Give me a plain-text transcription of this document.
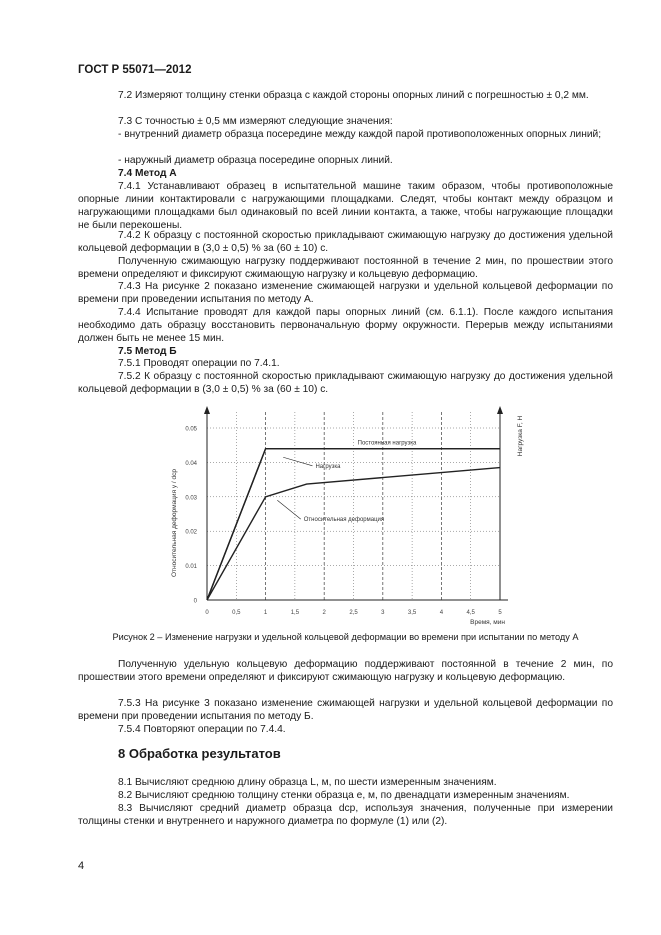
ГОСТ Р 55071—2012

7.2 Измеряют толщину стенки образца с каждой стороны опорных линий с погрешностью ± 0,2 мм.

7.3 С точностью ± 0,5 мм измеряют следующие значения:

- внутренний диаметр образца посередине между каждой парой противоположенных опорных линий;

- наружный диаметр образца посередине опорных линий.

7.4 Метод А

7.4.1 Устанавливают образец в испытательной машине таким образом, чтобы противоположные опорные линии контактировали с нагружающими площадками. Следят, чтобы контакт между образцом и нагружающими площадками был одинаковый по всей линии контакта, а также, чтобы нагружающие площадки не были перекошены.

7.4.2 К образцу с постоянной скоростью прикладывают сжимающую нагрузку до достижения удельной кольцевой деформации в (3,0 ± 0,5) % за (60 ± 10) с.

Полученную сжимающую нагрузку поддерживают постоянной в течение 2 мин, по прошествии этого времени определяют и фиксируют сжимающую нагрузку и кольцевую деформацию.

7.4.3 На рисунке 2 показано изменение сжимающей нагрузки и удельной кольцевой деформации по времени при проведении испытания по методу А.

7.4.4 Испытание проводят для каждой пары опорных линий (см. 6.1.1). После каждого испытания необходимо дать образцу восстановить первоначальную форму окружности. Перерыв между испытаниями должен быть не менее 15 мин.

7.5 Метод Б

7.5.1 Проводят операции по 7.4.1.

7.5.2 К образцу с постоянной скоростью прикладывают сжимающую нагрузку до достижения удельной кольцевой деформации в (3,0 ± 0,5) % за (60 ± 10) с.

0
0.01
0.02
0.03
0.04
0.05
0	0,5	1	1,5	2	2,5	3	3,5	4	4,5	5
Постоянная нагрузка
Нагрузка
Относительная деформация
Относительная деформация y / dср
Нагрузка F, Н
Время, мин
Рисунок 2 – Изменение нагрузки и удельной кольцевой деформации во времени при испытании по методу А

Полученную удельную кольцевую деформацию поддерживают постоянной в течение 2 мин, по прошествии этого времени определяют и фиксируют сжимающую нагрузку и кольцевую деформацию.

7.5.3 На рисунке 3 показано изменение сжимающей нагрузки и удельной кольцевой деформации по времени при проведении испытания по методу Б.

7.5.4 Повторяют операции по 7.4.4.

8 Обработка результатов

8.1 Вычисляют среднюю длину образца L, м, по шести измеренным значениям.

8.2 Вычисляют среднюю толщину стенки образца e, м, по двенадцати измеренным значениям.

8.3 Вычисляют средний диаметр образца dср, используя значения, полученные при измерении толщины стенки и внутреннего и наружного диаметра по формуле (1) или (2).

4
